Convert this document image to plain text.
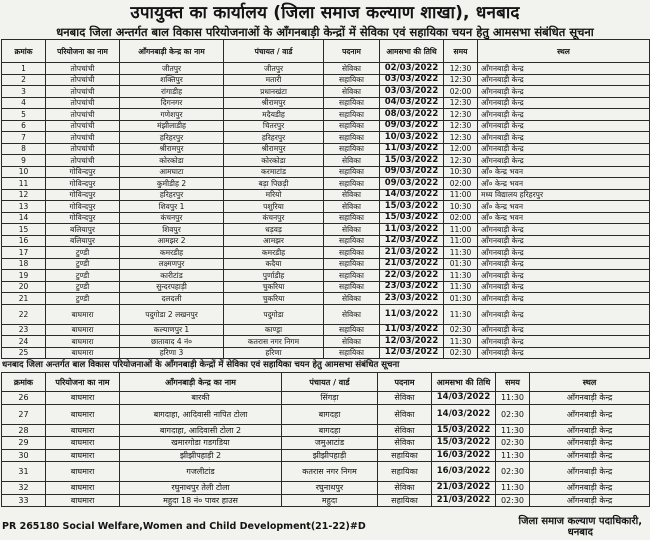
उपायुक्त का कार्यालय (जिला समाज कल्याण शाखा), धनबाद
धनबाद जिला अन्तर्गत बाल विकास परियोजनाओं के आँगनबाड़ी केन्द्रों में सेविका एवं सहायिका चयन हेतु आमसभा संबंधित सूचना
क्रमांक	परियोजना का नाम	आँगनबाड़ी केन्द्र का नाम	पंचायत / वार्ड	पदनाम	आमसभा की तिथि	समय	स्थल
1	तोपचांची	जीतपुर	जीतपुर	सेविका	02/03/2022	12:30	आँगनबाड़ी केन्द्र
2	तोपचांची	शक्तिपुर	मतारी	सहायिका	03/03/2022	12:30	आँगनबाड़ी केन्द्र
3	तोपचांची	रांगाडीह	प्रधानखंटा	सेविका	03/03/2022	02:00	आँगनबाड़ी केन्द्र
4	तोपचांची	दिगनगर	श्रीरामपुर	सहायिका	04/03/2022	12:30	आँगनबाड़ी केन्द्र
5	तोपचांची	गणेशपुर	मदैयडीह	सहायिका	08/03/2022	12:30	आँगनबाड़ी केन्द्र
6	तोपचांची	मंझीलाडीह	चितरपुर	सहायिका	09/03/2022	12:30	आँगनबाड़ी केन्द्र
7	तोपचांची	हरिहरपुर	हरिहरपुर	सहायिका	10/03/2022	12:30	आँगनबाड़ी केन्द्र
8	तोपचांची	श्रीरामपुर	श्रीरामपुर	सहायिका	11/03/2022	12:00	आँगनबाड़ी केन्द्र
9	तोपचांची	कोरकोडा	कोरकोडा	सेविका	15/03/2022	12:30	आँगनबाड़ी केन्द्र
10	गोविन्दपुर	आमघाटा	करमाटांड	सहायिका	09/03/2022	10:30	आँ० केन्द्र भवन
11	गोविन्दपुर	कुमीडीह 2	बड़ा पिछड़ी	सहायिका	09/03/2022	02:00	आँ० केन्द्र भवन
12	गोविन्दपुर	हरिहरपुर	मरियो	सेविका	14/03/2022	11:00	मध्य विद्यालय हरिहरपुर
13	गोविन्दपुर	शिवपुर 1	पशुरिया	सेविका	15/03/2022	10:30	आँ० केन्द्र भवन
14	गोविन्दपुर	कंचनपुर	कंचनपुर	सहायिका	15/03/2022	02:00	आँ० केन्द्र भवन
15	बलियापुर	शिवपुर	धड़वड़	सेविका	11/03/2022	11:00	आँगनबाड़ी केन्द्र
16	बलियापुर	आमझर 2	आमझर	सहायिका	12/03/2022	11:00	आँगनबाड़ी केन्द्र
17	टुण्डी	कमरडीह	कमरडीह	सहायिका	21/03/2022	11:30	आँगनबाड़ी केन्द्र
18	टुण्डी	लक्ष्मणपुर	कदैया	सहायिका	21/03/2022	01:30	आँगनबाड़ी केन्द्र
19	टुण्डी	कारीटांड	पुर्णाडीह	सहायिका	22/03/2022	11:30	आँगनबाड़ी केन्द्र
20	टुण्डी	सुन्दरपहाड़ी	चुकरिया	सहायिका	23/03/2022	11:30	आँगनबाड़ी केन्द्र
21	टुण्डी	दलदली	चुकरिया	सेविका	23/03/2022	01:30	आँगनबाड़ी केन्द्र
22	बाघमारा	पदुगोडा 2 लखनपुर	पदुगोडा	सेविका	11/03/2022	11:30	आँगनबाड़ी केन्द्र
23	बाघमारा	कल्याणपुर 1	काण्ड्रा	सहायिका	11/03/2022	02:30	आँगनबाड़ी केन्द्र
24	बाघमारा	छातावाद 4 नं०	कतरास नगर निगम	सेविका	12/03/2022	11:30	आँगनबाड़ी केन्द्र
25	बाघमारा	हरिणा 3	हरिणा	सहायिका	12/03/2022	02:30	आँगनबाड़ी केन्द्र
धनबाद जिला अन्तर्गत बाल विकास परियोजनाओं के आँगनबाड़ी केन्द्रों में सेविका एवं सहायिका चयन हेतु आमसभा संबंधित सूचना
क्रमांक	परियोजना का नाम	आँगनबाड़ी केन्द्र का नाम	पंचायत / वार्ड	पदनाम	आमसभा की तिथि	समय	स्थल
26	बाघमारा	बारकी	सिंगड़ा	सेविका	14/03/2022	11:30	आँगनबाड़ी केन्द्र
27	बाघमारा	बागदाहा, आदिवासी नापित टोला	बागदहा	सेविका	14/03/2022	02:30	आँगनबाड़ी केन्द्र
28	बाघमारा	बागदाहा, आदिवासी टोला 2	बागदहा	सेविका	15/03/2022	11:30	आँगनबाड़ी केन्द्र
29	बाघमारा	खमारगोडा गडगडिया	जमुआटांड	सेविका	15/03/2022	02:30	आँगनबाड़ी केन्द्र
30	बाघमारा	झीझीपहाड़ी 2	झीझीपहाड़ी	सहायिका	16/03/2022	11:30	आँगनबाड़ी केन्द्र
31	बाघमारा	गजलीटांड	कतरास नगर निगम	सहायिका	16/03/2022	02:30	आँगनबाड़ी केन्द्र
32	बाघमारा	रघुनाथपुर तेली टोला	रघुनाथपुर	सेविका	21/03/2022	11:30	आँगनबाड़ी केन्द्र
33	बाघमारा	महुदा 18 नं० पावर हाउस	महुदा	सहायिका	21/03/2022	02:30	आँगनबाड़ी केन्द्र
PR 265180 Social Welfare,Women and Child Development(21-22)#D	जिला समाज कल्याण पदाधिकारी,
धनबाद
